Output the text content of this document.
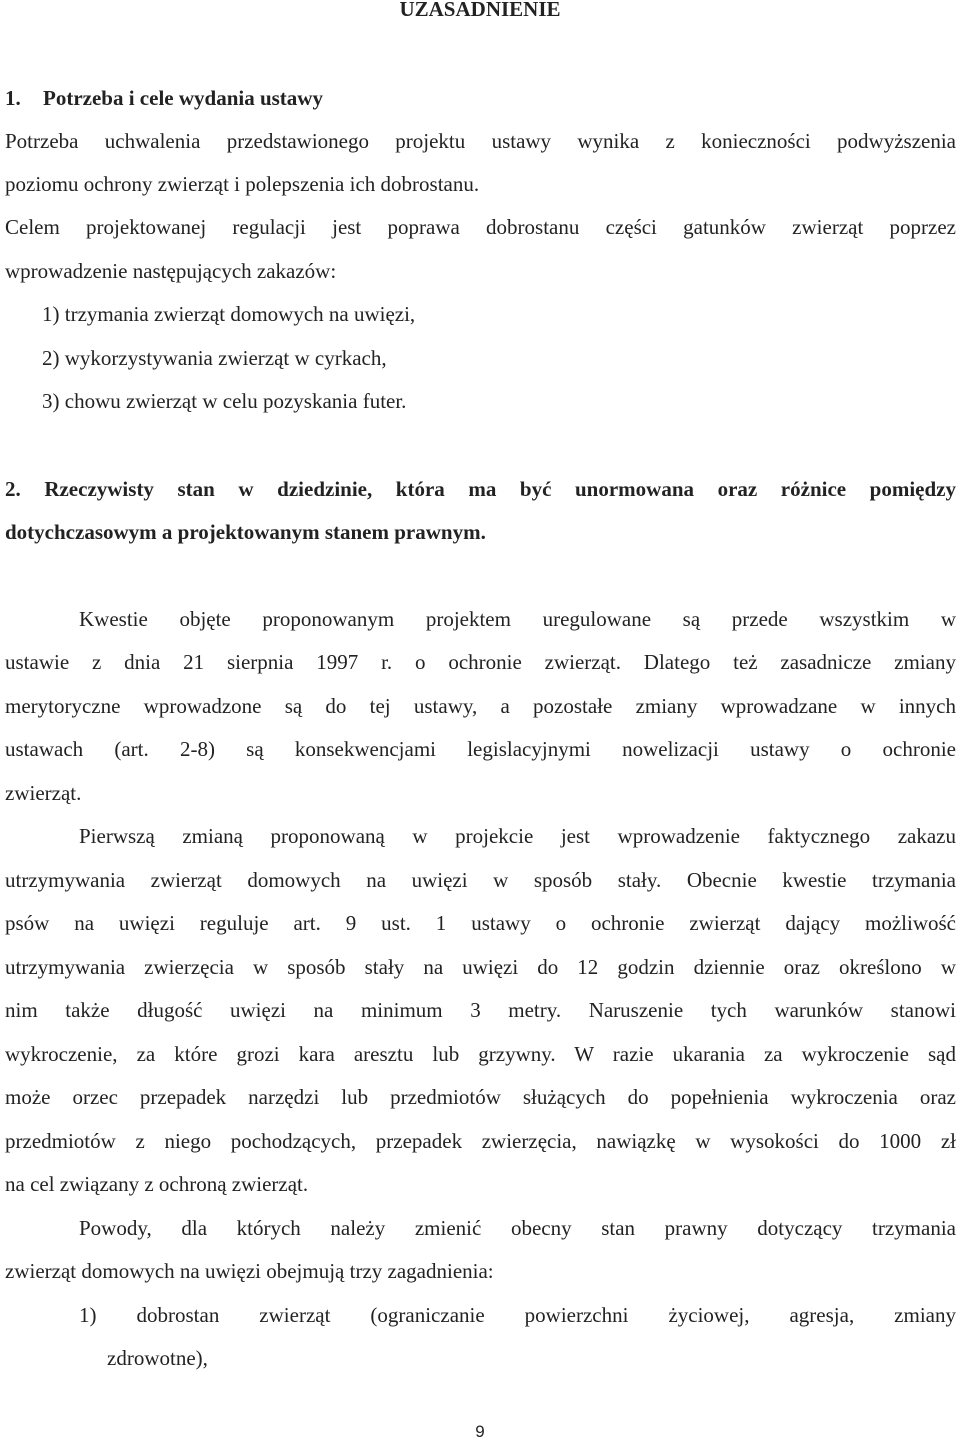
UZASADNIENIE
1. Potrzeba i cele wydania ustawy
Potrzeba uchwalenia przedstawionego projektu ustawy wynika z konieczności podwyższenia
poziomu ochrony zwierząt i polepszenia ich dobrostanu.
Celem projektowanej regulacji jest poprawa dobrostanu części gatunków zwierząt poprzez
wprowadzenie następujących zakazów:
1) trzymania zwierząt domowych na uwięzi,
2) wykorzystywania zwierząt w cyrkach,
3) chowu zwierząt w celu pozyskania futer.
2. Rzeczywisty stan w dziedzinie, która ma być unormowana oraz różnice pomiędzy
dotychczasowym a projektowanym stanem prawnym.
Kwestie objęte proponowanym projektem uregulowane są przede wszystkim w
ustawie z dnia 21 sierpnia 1997 r. o ochronie zwierząt. Dlatego też zasadnicze zmiany
merytoryczne wprowadzone są do tej ustawy, a pozostałe zmiany wprowadzane w innych
ustawach (art. 2-8) są konsekwencjami legislacyjnymi nowelizacji ustawy o ochronie
zwierząt.
Pierwszą zmianą proponowaną w projekcie jest wprowadzenie faktycznego zakazu
utrzymywania zwierząt domowych na uwięzi w sposób stały. Obecnie kwestie trzymania
psów na uwięzi reguluje art. 9 ust. 1 ustawy o ochronie zwierząt dający możliwość
utrzymywania zwierzęcia w sposób stały na uwięzi do 12 godzin dziennie oraz określono w
nim także długość uwięzi na minimum 3 metry. Naruszenie tych warunków stanowi
wykroczenie, za które grozi kara aresztu lub grzywny. W razie ukarania za wykroczenie sąd
może orzec przepadek narzędzi lub przedmiotów służących do popełnienia wykroczenia oraz
przedmiotów z niego pochodzących, przepadek zwierzęcia, nawiązkę w wysokości do 1000 zł
na cel związany z ochroną zwierząt.
Powody, dla których należy zmienić obecny stan prawny dotyczący trzymania
zwierząt domowych na uwięzi obejmują trzy zagadnienia:
1) dobrostan zwierząt (ograniczanie powierzchni życiowej, agresja, zmiany
zdrowotne),
9
